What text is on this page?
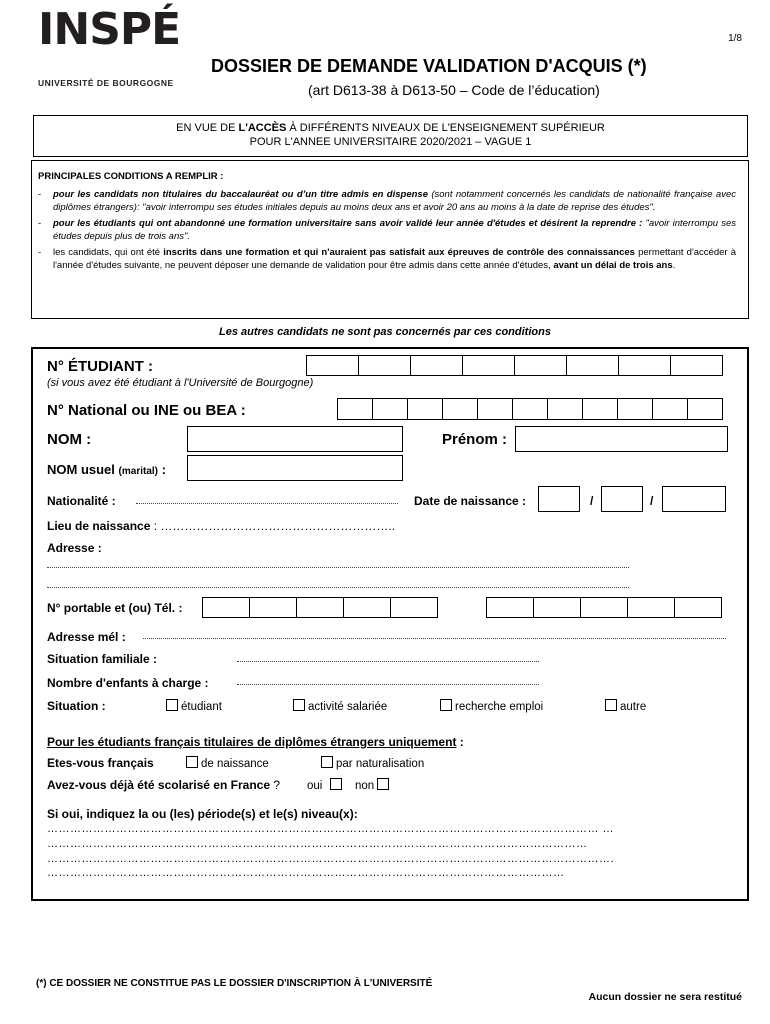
INSPÉ
UNIVERSITÉ DE BOURGOGNE
1/8
DOSSIER DE DEMANDE VALIDATION D'ACQUIS (*)
(art D613-38 à D613-50 – Code de l’éducation)
EN VUE DE L'ACCÈS À DIFFÉRENTS NIVEAUX DE L'ENSEIGNEMENT SUPÉRIEUR
POUR L'ANNEE UNIVERSITAIRE 2020/2021 – VAGUE 1
PRINCIPALES CONDITIONS A REMPLIR :
- pour les candidats non titulaires du baccalauréat ou d’un titre admis en dispense (sont notamment concernés les candidats de nationalité française avec diplômes étrangers): "avoir interrompu ses études initiales depuis au moins deux ans et avoir 20 ans au moins à la date de reprise des études".
- pour les étudiants qui ont abandonné une formation universitaire sans avoir validé leur année d'études et désirent la reprendre : "avoir interrompu ses études depuis plus de trois ans".
- les candidats, qui ont été inscrits dans une formation et qui n'auraient pas satisfait aux épreuves de contrôle des connaissances permettant d'accéder à l'année d'études suivante, ne peuvent déposer une demande de validation pour être admis dans cette année d'études, avant un délai de trois ans.
Les autres candidats ne sont pas concernés par ces conditions
N° ÉTUDIANT :
(si vous avez été étudiant à l'Université de Bourgogne)
N° National ou INE ou BEA :
NOM :	Prénom :
NOM usuel (marital) :
Nationalité :	Date de naissance :	/	/
Lieu de naissance : …………………………………………………..
Adresse :
N° portable et (ou) Tél. :
Adresse mél :
Situation familiale :
Nombre d'enfants à charge :
Situation :	étudiant	activité salariée	recherche emploi	autre
Pour les étudiants français titulaires de diplômes étrangers uniquement :
Etes-vous français	de naissance	par naturalisation
Avez-vous déjà été scolarisé en France ? oui	non
Si oui, indiquez la ou (les) période(s) et le(s) niveau(x):
……………………………………………………………………………………………………………………………… …
……………………………………………………………………………………………………………………………
………………………………………………………………………………………………………………………………….
………………………………………………………………………………………………………………………
(*) CE DOSSIER NE CONSTITUE PAS LE DOSSIER D'INSCRIPTION À L'UNIVERSITÉ
Aucun dossier ne sera restitué
